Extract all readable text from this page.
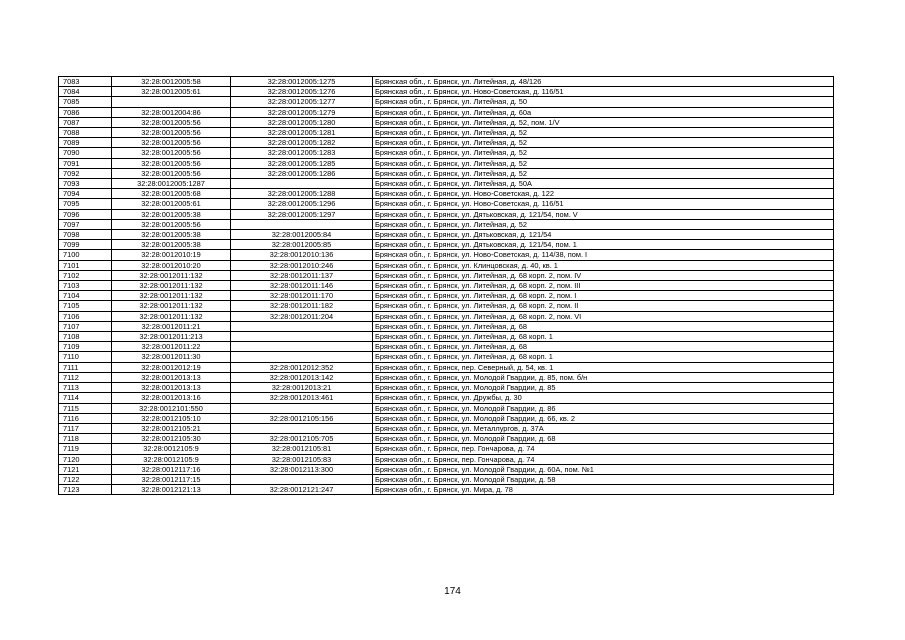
7083	32:28:0012005:58	32:28:0012005:1275	Брянская обл., г. Брянск, ул. Литейная, д. 48/126
7084	32:28:0012005:61	32:28:0012005:1276	Брянская обл., г. Брянск, ул. Ново-Советская, д. 116/51
7085		32:28:0012005:1277	Брянская обл., г. Брянск, ул. Литейная, д. 50
7086	32:28:0012004:86	32:28:0012005:1279	Брянская обл., г. Брянск, ул. Литейная, д. 60а
7087	32:28:0012005:56	32:28:0012005:1280	Брянская обл., г. Брянск, ул. Литейная, д. 52, пом. 1/V
7088	32:28:0012005:56	32:28:0012005:1281	Брянская обл., г. Брянск, ул. Литейная, д. 52
7089	32:28:0012005:56	32:28:0012005:1282	Брянская обл., г. Брянск, ул. Литейная, д. 52
7090	32:28:0012005:56	32:28:0012005:1283	Брянская обл., г. Брянск, ул. Литейная, д. 52
7091	32:28:0012005:56	32:28:0012005:1285	Брянская обл., г. Брянск, ул. Литейная, д. 52
7092	32:28:0012005:56	32:28:0012005:1286	Брянская обл., г. Брянск, ул. Литейная, д. 52
7093	32:28:0012005:1287		Брянская обл., г. Брянск, ул. Литейная, д. 50А
7094	32:28:0012005:68	32:28:0012005:1288	Брянская обл., г. Брянск, ул. Ново-Советская, д. 122
7095	32:28:0012005:61	32:28:0012005:1296	Брянская обл., г. Брянск, ул. Ново-Советская, д. 116/51
7096	32:28:0012005:38	32:28:0012005:1297	Брянская обл., г. Брянск, ул. Дятьковская, д. 121/54, пом. V
7097	32:28:0012005:56		Брянская обл., г. Брянск, ул. Литейная, д. 52
7098	32:28:0012005:38	32:28:0012005:84	Брянская обл., г. Брянск, ул. Дятьковская, д. 121/54
7099	32:28:0012005:38	32:28:0012005:85	Брянская обл., г. Брянск, ул. Дятьковская, д. 121/54, пом. 1
7100	32:28:0012010:19	32:28:0012010:136	Брянская обл., г. Брянск, ул. Ново-Советская, д. 114/38, пом. I
7101	32:28:0012010:20	32:28:0012010:246	Брянская обл., г. Брянск, ул. Клинцовская, д. 40, кв. 1
7102	32:28:0012011:132	32:28:0012011:137	Брянская обл., г. Брянск, ул. Литейная, д. 68 корп. 2, пом. IV
7103	32:28:0012011:132	32:28:0012011:146	Брянская обл., г. Брянск, ул. Литейная, д. 68 корп. 2, пом. III
7104	32:28:0012011:132	32:28:0012011:170	Брянская обл., г. Брянск, ул. Литейная, д. 68 корп. 2, пом. I
7105	32:28:0012011:132	32:28:0012011:182	Брянская обл., г. Брянск, ул. Литейная, д. 68 корп. 2, пом. II
7106	32:28:0012011:132	32:28:0012011:204	Брянская обл., г. Брянск, ул. Литейная, д. 68 корп. 2, пом. VI
7107	32:28:0012011:21		Брянская обл., г. Брянск, ул. Литейная, д. 68
7108	32:28:0012011:213		Брянская обл., г. Брянск, ул. Литейная, д. 68 корп. 1
7109	32:28:0012011:22		Брянская обл., г. Брянск, ул. Литейная, д. 68
7110	32:28:0012011:30		Брянская обл., г. Брянск, ул. Литейная, д. 68 корп. 1
7111	32:28:0012012:19	32:28:0012012:352	Брянская обл., г. Брянск, пер. Северный, д. 54, кв. 1
7112	32:28:0012013:13	32:28:0012013:142	Брянская обл., г. Брянск, ул. Молодой Гвардии, д. 85, пом. б/н
7113	32:28:0012013:13	32:28:0012013:21	Брянская обл., г. Брянск, ул. Молодой Гвардии, д. 85
7114	32:28:0012013:16	32:28:0012013:461	Брянская обл., г. Брянск, ул. Дружбы, д. 30
7115	32:28:0012101:550		Брянская обл., г. Брянск, ул. Молодой Гвардии, д. 86
7116	32:28:0012105:10	32:28:0012105:156	Брянская обл., г. Брянск, ул. Молодой Гвардии, д. 66, кв. 2
7117	32:28:0012105:21		Брянская обл., г. Брянск, ул. Металлургов, д. 37А
7118	32:28:0012105:30	32:28:0012105:705	Брянская обл., г. Брянск, ул. Молодой Гвардии, д. 68
7119	32:28:0012105:9	32:28:0012105:81	Брянская обл., г. Брянск, пер. Гончарова, д. 74
7120	32:28:0012105:9	32:28:0012105:83	Брянская обл., г. Брянск, пер. Гончарова, д. 74
7121	32:28:0012117:16	32:28:0012113:300	Брянская обл., г. Брянск, ул. Молодой Гвардии, д. 60А, пом. №1
7122	32:28:0012117:15		Брянская обл., г. Брянск, ул. Молодой Гвардии, д. 58
7123	32:28:0012121:13	32:28:0012121:247	Брянская обл., г. Брянск, ул. Мира, д. 78
174
